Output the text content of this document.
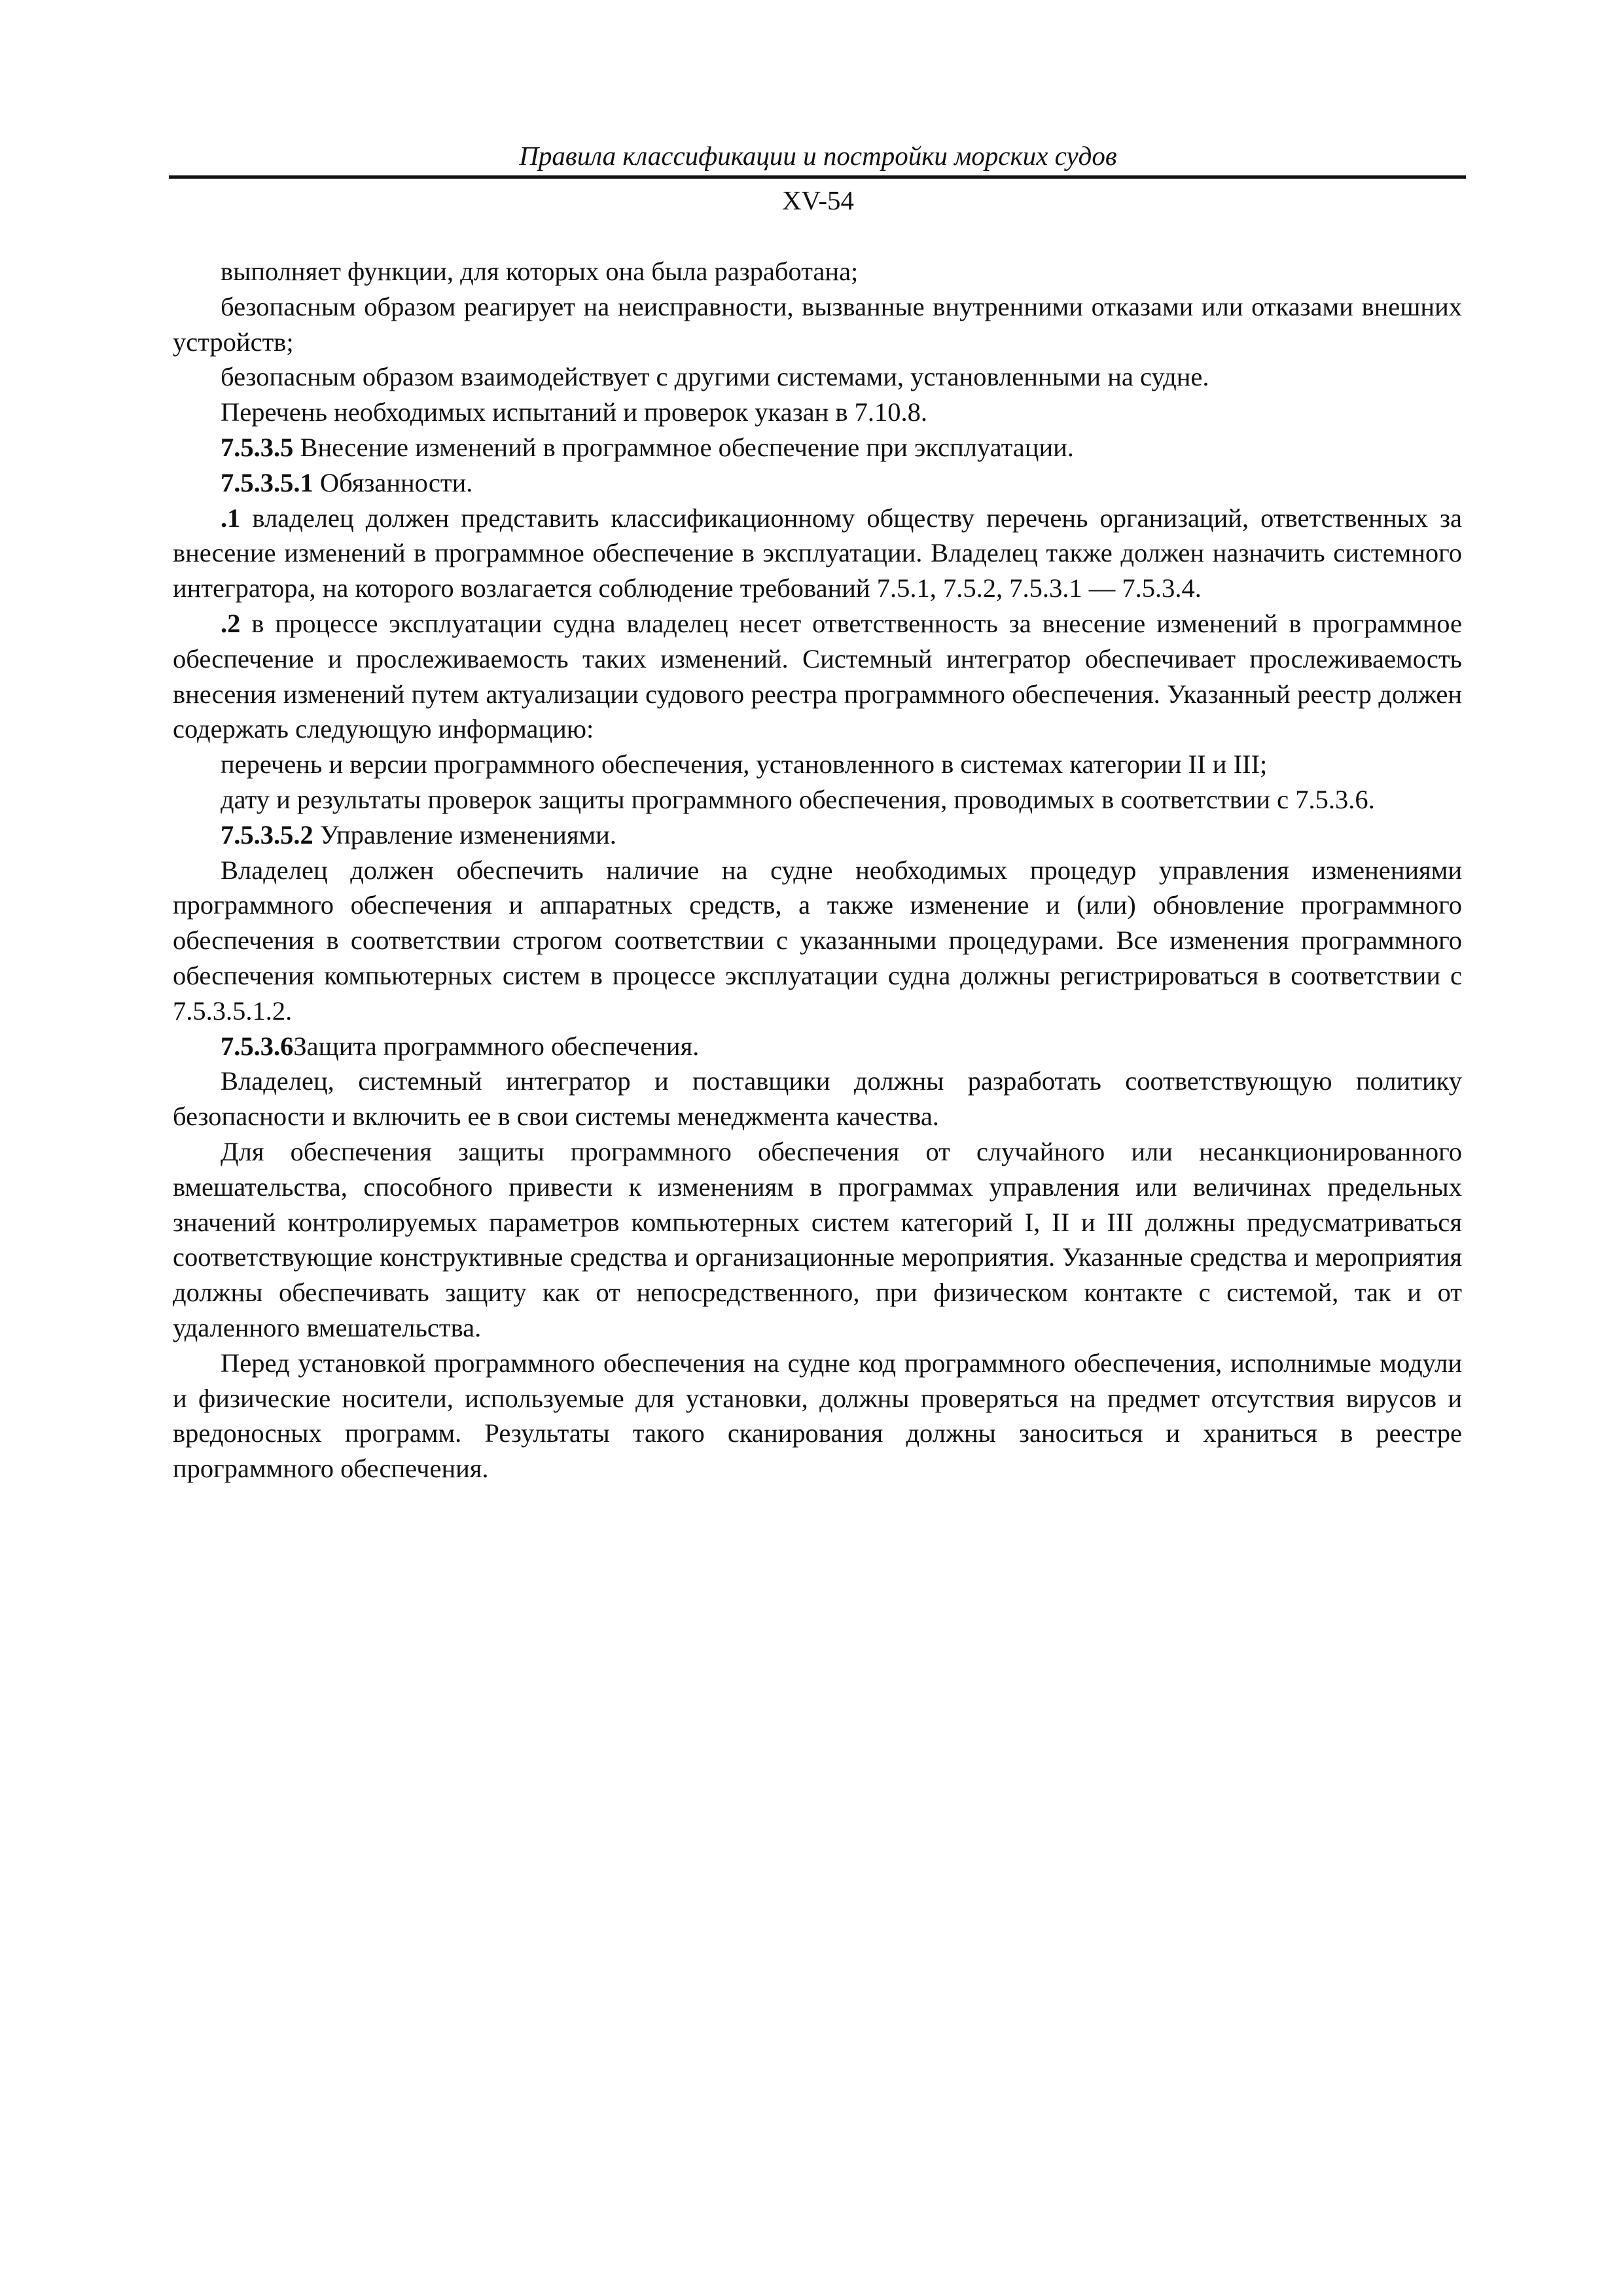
Правила классификации и постройки морских судов
XV-54

выполняет функции, для которых она была разработана;

безопасным образом реагирует на неисправности, вызванные внутренними отказами или отказами внешних устройств;

безопасным образом взаимодействует с другими системами, установленными на судне.

Перечень необходимых испытаний и проверок указан в 7.10.8.

7.5.3.5 Внесение изменений в программное обеспечение при эксплуатации.

7.5.3.5.1 Обязанности.

.1 владелец должен представить классификационному обществу перечень организаций, ответственных за внесение изменений в программное обеспечение в эксплуатации. Владелец также должен назначить системного интегратора, на которого возлагается соблюдение требований 7.5.1, 7.5.2, 7.5.3.1 — 7.5.3.4.

.2 в процессе эксплуатации судна владелец несет ответственность за внесение изменений в программное обеспечение и прослеживаемость таких изменений. Системный интегратор обеспечивает прослеживаемость внесения изменений путем актуализации судового реестра программного обеспечения. Указанный реестр должен содержать следующую информацию:

перечень и версии программного обеспечения, установленного в системах категории II и III;

дату и результаты проверок защиты программного обеспечения, проводимых в соответствии с 7.5.3.6.

7.5.3.5.2 Управление изменениями.

Владелец должен обеспечить наличие на судне необходимых процедур управления изменениями программного обеспечения и аппаратных средств, а также изменение и (или) обновление программного обеспечения в соответствии строгом соответствии с указанными процедурами. Все изменения программного обеспечения компьютерных систем в процессе эксплуатации судна должны регистрироваться в соответствии с 7.5.3.5.1.2.

7.5.3.6Защита программного обеспечения.

Владелец, системный интегратор и поставщики должны разработать соответствующую политику безопасности и включить ее в свои системы менеджмента качества.

Для обеспечения защиты программного обеспечения от случайного или несанкционированного вмешательства, способного привести к изменениям в программах управления или величинах предельных значений контролируемых параметров компьютерных систем категорий I, II и III должны предусматриваться соответствующие конструктивные средства и организационные мероприятия. Указанные средства и мероприятия должны обеспечивать защиту как от непосредственного, при физическом контакте с системой, так и от удаленного вмешательства.

Перед установкой программного обеспечения на судне код программного обеспечения, исполнимые модули и физические носители, используемые для установки, должны проверяться на предмет отсутствия вирусов и вредоносных программ. Результаты такого сканирования должны заноситься и храниться в реестре программного обеспечения.
